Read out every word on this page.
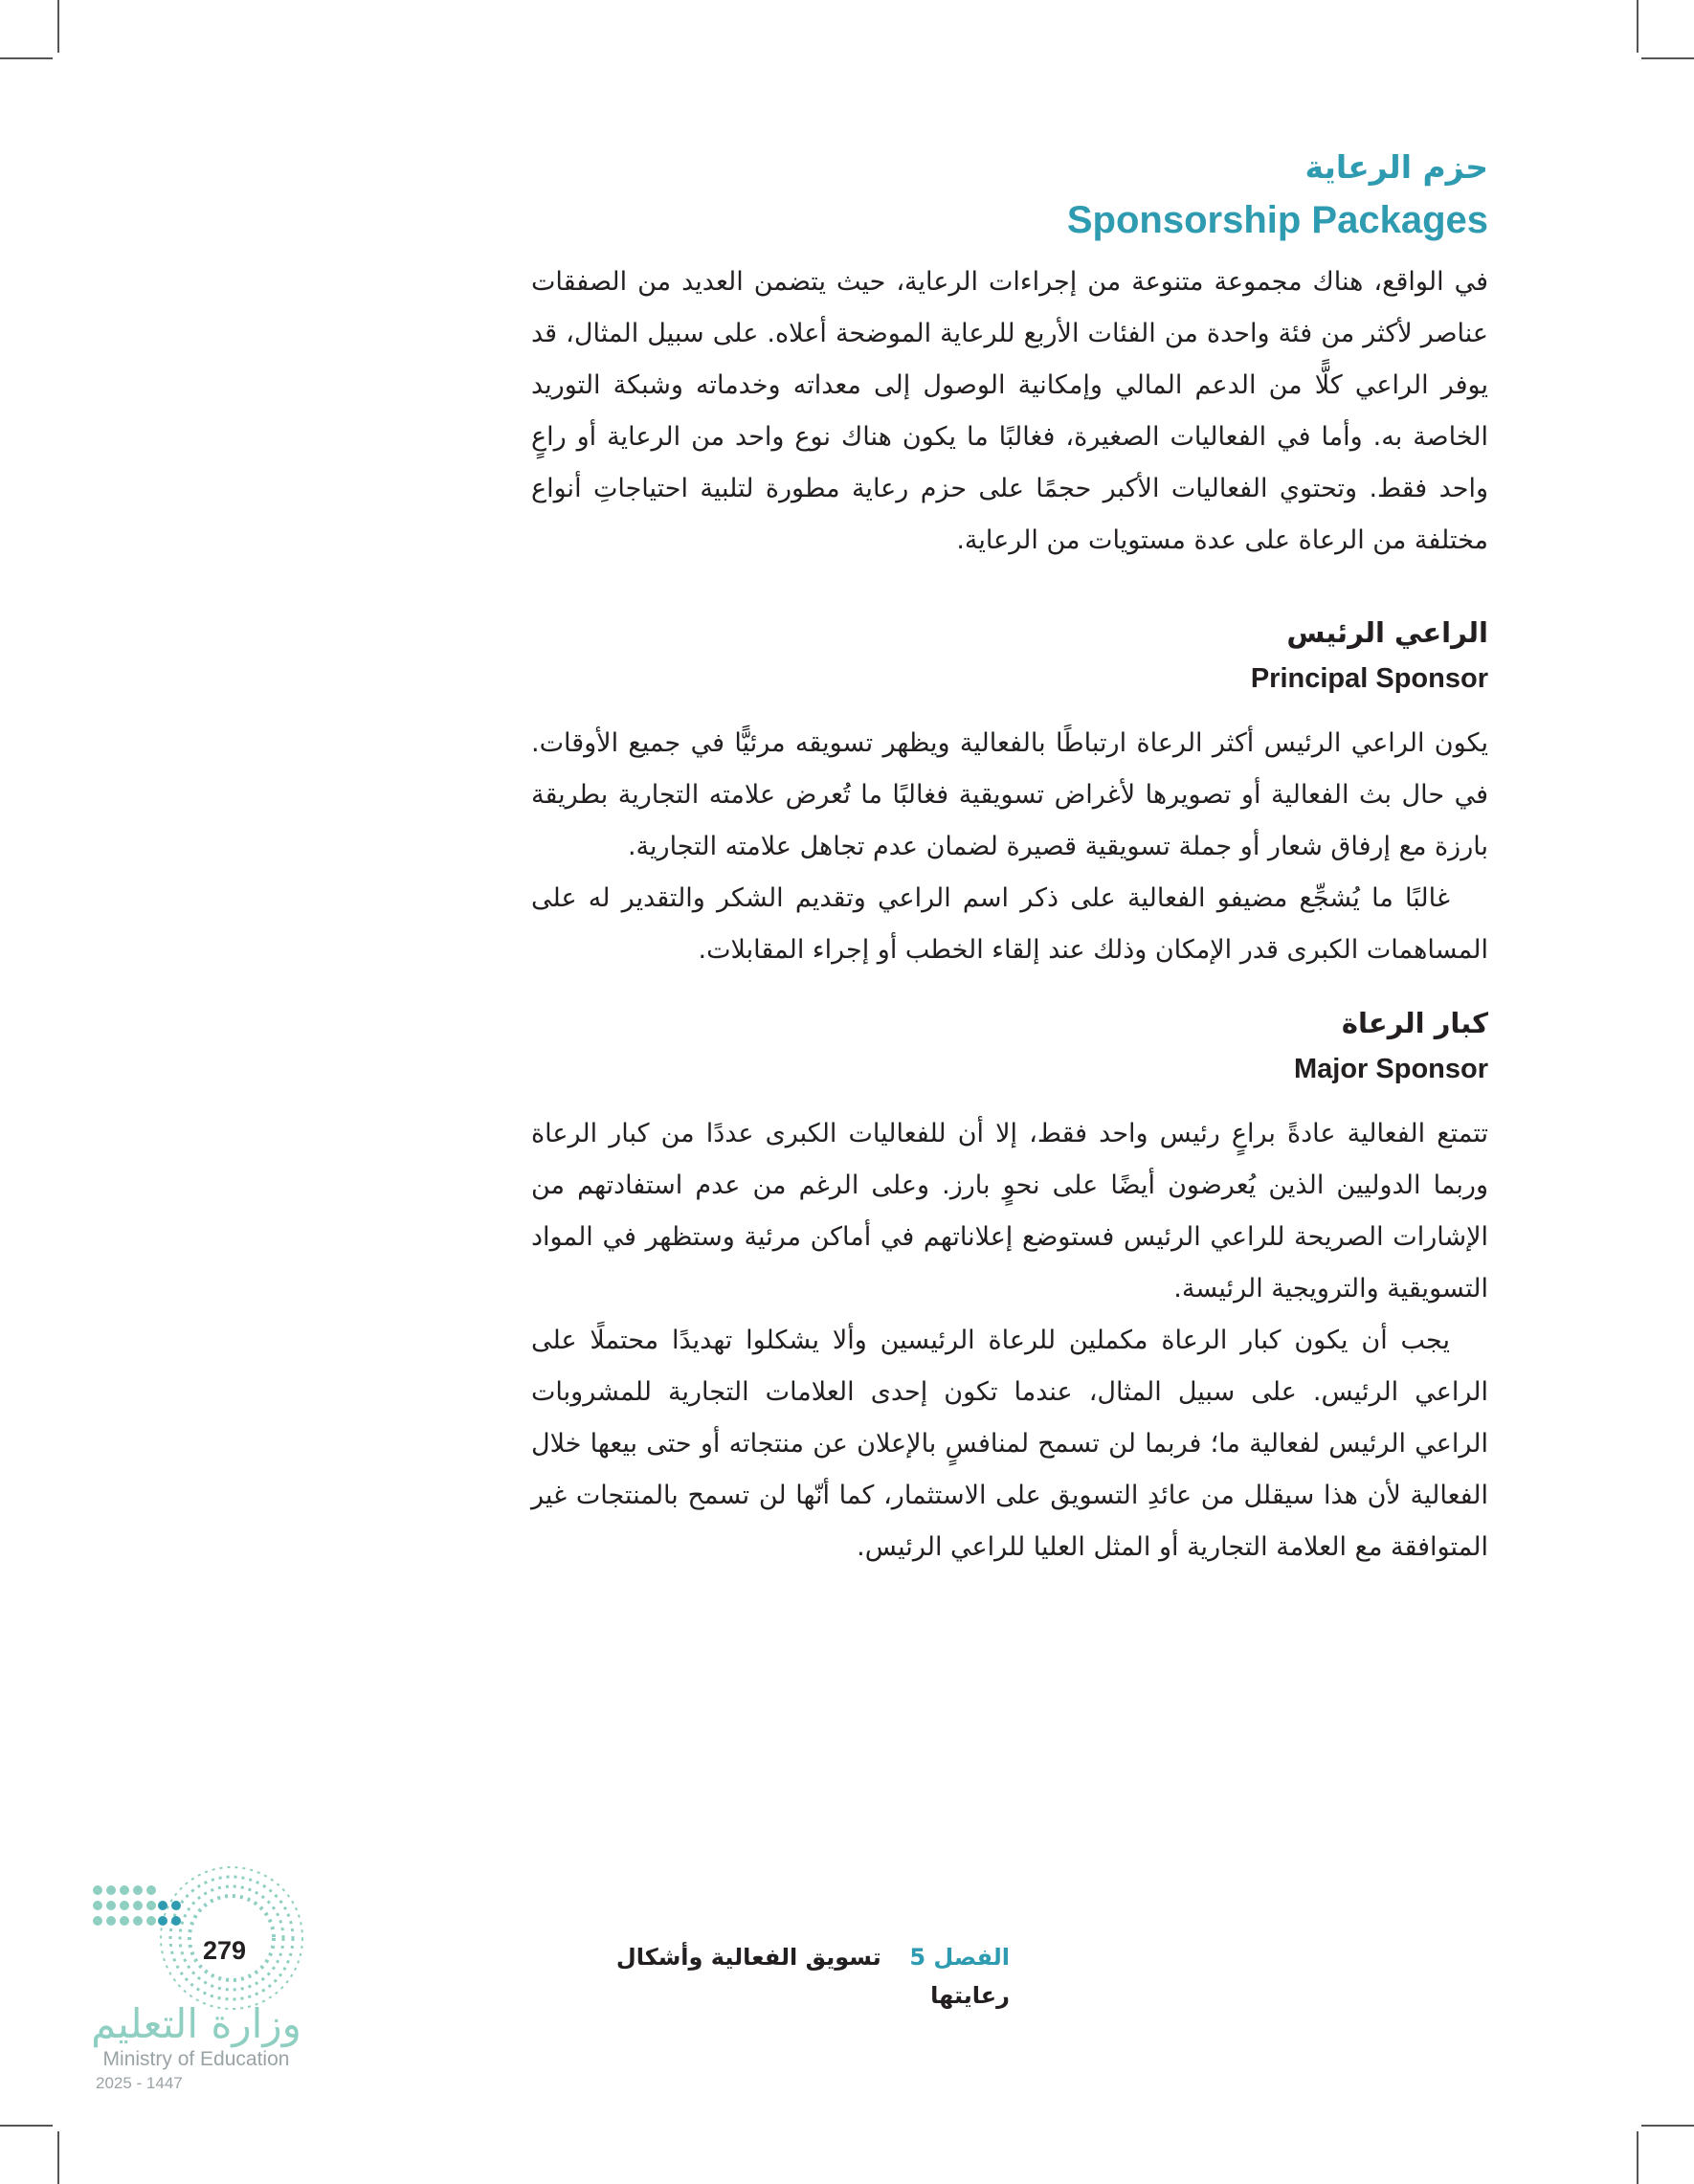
حزم الرعاية
Sponsorship Packages

في الواقع، هناك مجموعة متنوعة من إجراءات الرعاية، حيث يتضمن العديد من الصفقات عناصر لأكثر من فئة واحدة من الفئات الأربع للرعاية الموضحة أعلاه. على سبيل المثال، قد يوفر الراعي كلًّا من الدعم المالي وإمكانية الوصول إلى معداته وخدماته وشبكة التوريد الخاصة به. وأما في الفعاليات الصغيرة، فغالبًا ما يكون هناك نوع واحد من الرعاية أو راعٍ واحد فقط. وتحتوي الفعاليات الأكبر حجمًا على حزم رعاية مطورة لتلبية احتياجاتِ أنواع مختلفة من الرعاة على عدة مستويات من الرعاية.

الراعي الرئيس
Principal Sponsor

يكون الراعي الرئيس أكثر الرعاة ارتباطًا بالفعالية ويظهر تسويقه مرئيًّا في جميع الأوقات. في حال بث الفعالية أو تصويرها لأغراض تسويقية فغالبًا ما تُعرض علامته التجارية بطريقة بارزة مع إرفاق شعار أو جملة تسويقية قصيرة لضمان عدم تجاهل علامته التجارية.

غالبًا ما يُشجِّع مضيفو الفعالية على ذكر اسم الراعي وتقديم الشكر والتقدير له على المساهمات الكبرى قدر الإمكان وذلك عند إلقاء الخطب أو إجراء المقابلات.

كبار الرعاة
Major Sponsor

تتمتع الفعالية عادةً براعٍ رئيس واحد فقط، إلا أن للفعاليات الكبرى عددًا من كبار الرعاة وربما الدوليين الذين يُعرضون أيضًا على نحوٍ بارز. وعلى الرغم من عدم استفادتهم من الإشارات الصريحة للراعي الرئيس فستوضع إعلاناتهم في أماكن مرئية وستظهر في المواد التسويقية والترويجية الرئيسة.

يجب أن يكون كبار الرعاة مكملين للرعاة الرئيسين وألا يشكلوا تهديدًا محتملًا على الراعي الرئيس. على سبيل المثال، عندما تكون إحدى العلامات التجارية للمشروبات الراعي الرئيس لفعالية ما؛ فربما لن تسمح لمنافسٍ بالإعلان عن منتجاته أو حتى بيعها خلال الفعالية لأن هذا سيقلل من عائدِ التسويق على الاستثمار، كما أنّها لن تسمح بالمنتجات غير المتوافقة مع العلامة التجارية أو المثل العليا للراعي الرئيس.

الفصل 5 تسويق الفعالية وأشكال رعايتها
279
وزارة التعليم
Ministry of Education
2025 - 1447
